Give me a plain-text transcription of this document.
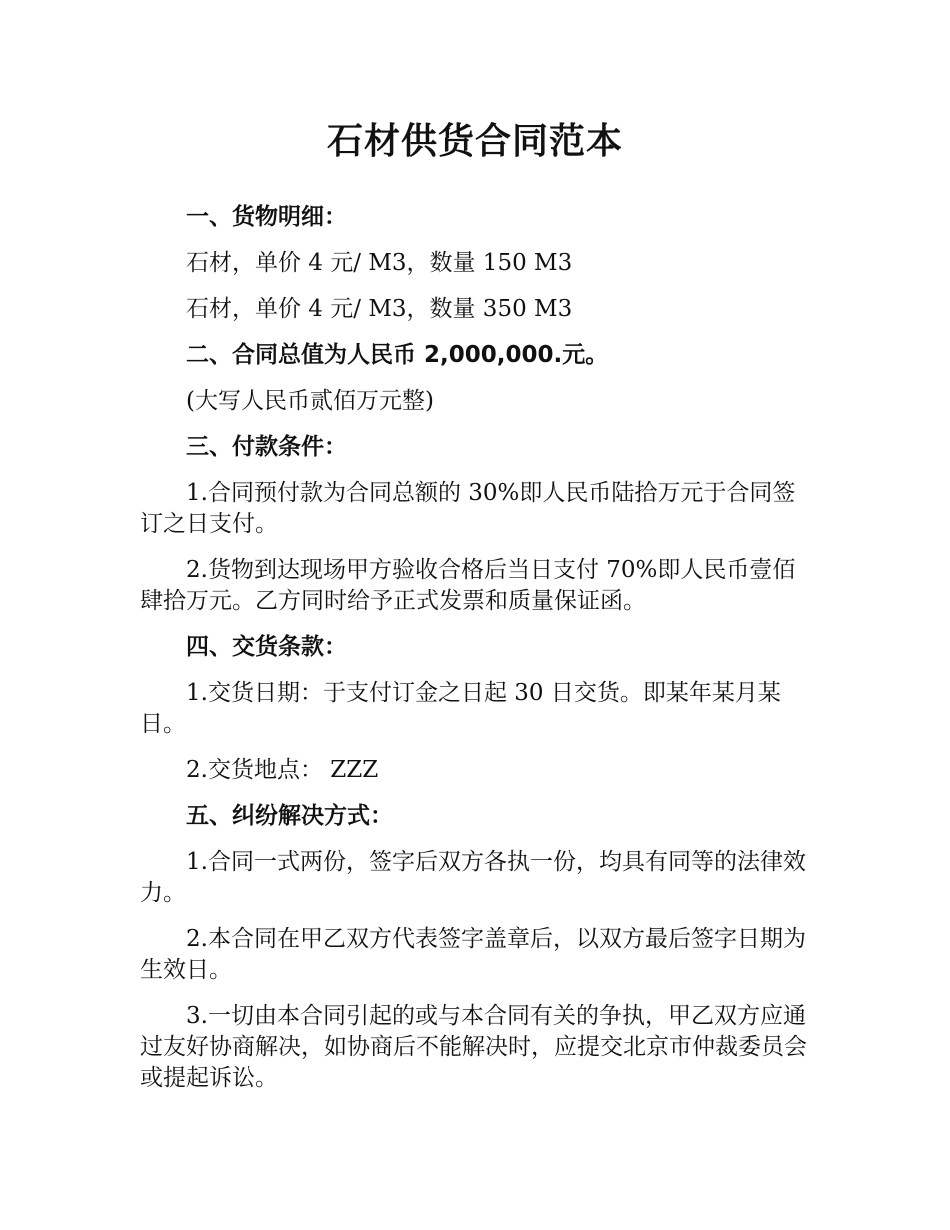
石材供货合同范本

一、货物明细：

石材，单价 4 元/ M3，数量 150 M3

石材，单价 4 元/ M3，数量 350 M3

二、合同总值为人民币 2,000,000.元。

(大写人民币贰佰万元整)

三、付款条件：

1.合同预付款为合同总额的 30%即人民币陆拾万元于合同签订之日支付。

2.货物到达现场甲方验收合格后当日支付 70%即人民币壹佰肆拾万元。乙方同时给予正式发票和质量保证函。

四、交货条款：

1.交货日期：于支付订金之日起 30 日交货。即某年某月某日。

2.交货地点： ZZZ

五、纠纷解决方式：

1.合同一式两份，签字后双方各执一份，均具有同等的法律效力。

2.本合同在甲乙双方代表签字盖章后，以双方最后签字日期为生效日。

3.一切由本合同引起的或与本合同有关的争执，甲乙双方应通过友好协商解决，如协商后不能解决时，应提交北京市仲裁委员会或提起诉讼。
